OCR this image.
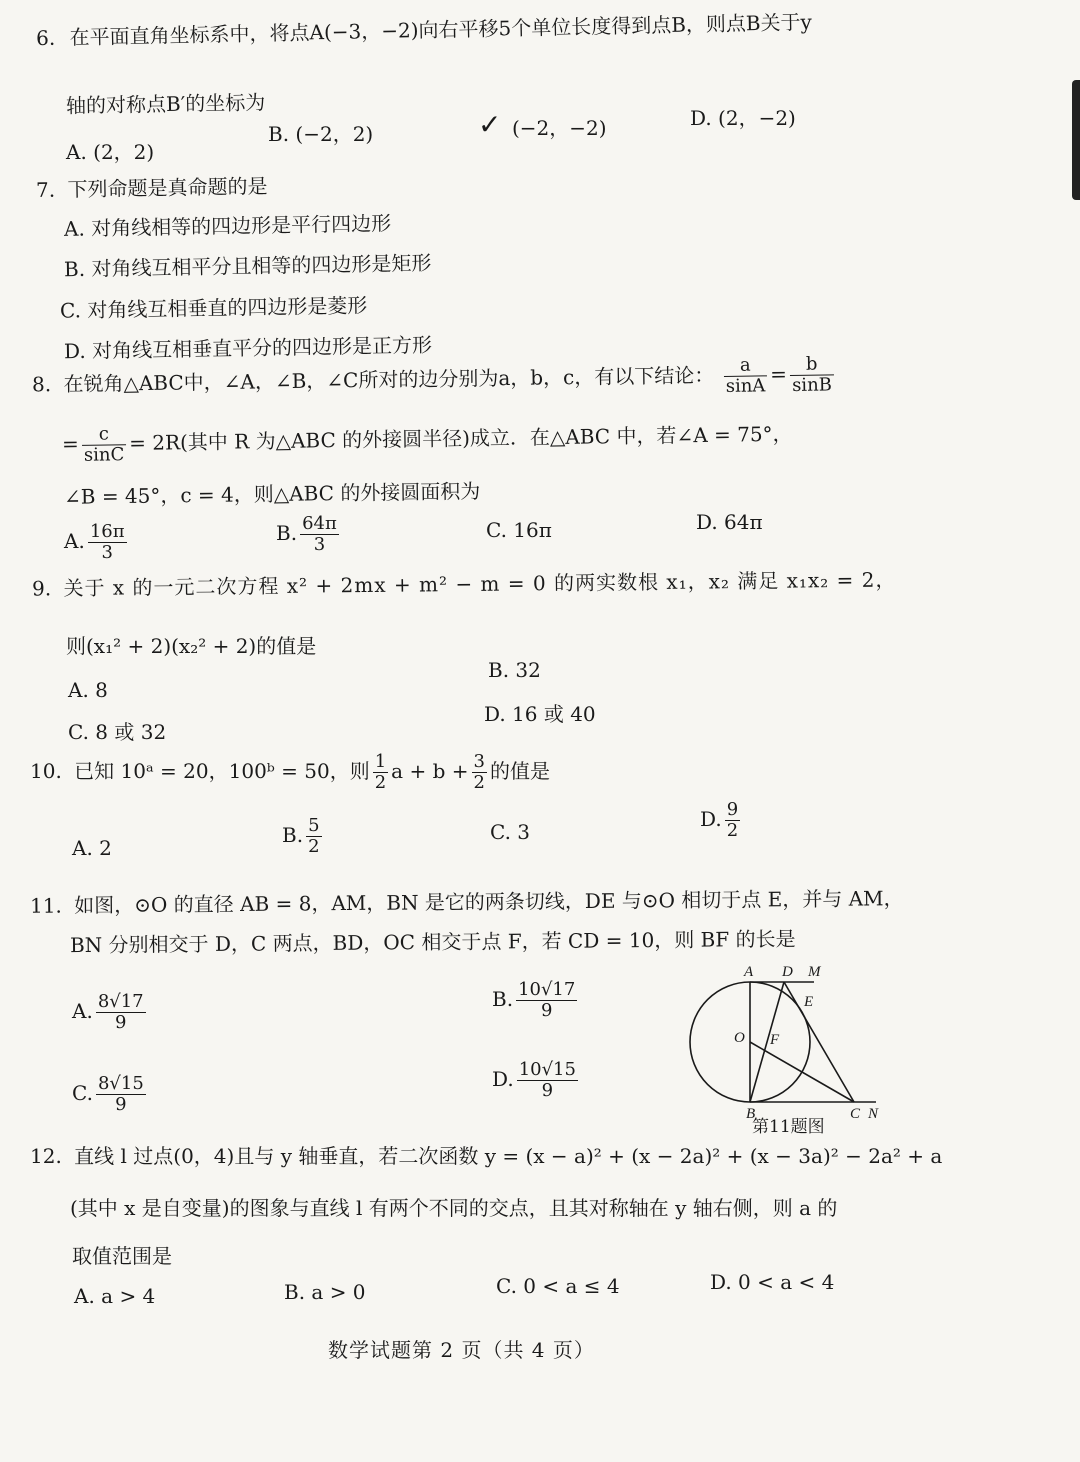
6. 在平面直角坐标系中，将点A(−3，−2)向右平移5个单位长度得到点B，则点B关于y
轴的对称点B′的坐标为
A. (2，2)
B. (−2，2)	✓ (−2，−2)	D. (2，−2)
7. 下列命题是真命题的是
A. 对角线相等的四边形是平行四边形
B. 对角线互相平分且相等的四边形是矩形
C. 对角线互相垂直的四边形是菱形
D. 对角线互相垂直平分的四边形是正方形
8. 在锐角△ABC中，∠A，∠B，∠C所对的边分别为a，b，c，有以下结论： $\frac{a}{\sin A} = \frac{b}{\sin B}$
= $\frac{c}{\sin C} = 2R$(其中 R 为△ABC 的外接圆半径)成立．在△ABC 中，若∠A = 75°，
∠B = 45°，c = 4，则△ABC 的外接圆面积为
A. $\frac{16\pi}{3}$	B. $\frac{64\pi}{3}$	C. 16π	D. 64π
9. 关于 x 的一元二次方程 x² + 2mx + m² − m = 0 的两实数根 x₁，x₂ 满足 x₁x₂ = 2，
则(x₁² + 2)(x₂² + 2)的值是
A. 8
B. 32
C. 8 或 32
D. 16 或 40
10. 已知 10ᵃ = 20，100ᵇ = 50，则 $\frac{1}{2}$ $a + b + \frac{3}{2}$ 的值是
A. 2
B. $\frac{5}{2}$	C. 3
D. $\frac{9}{2}$
11. 如图，⊙O 的直径 AB = 8，AM，BN 是它的两条切线，DE 与⊙O 相切于点 E，并与 AM，
BN 分别相交于 D，C 两点，BD，OC 相交于点 F，若 CD = 10，则 BF 的长是
A. $\frac{8√17}{9}$	B. $\frac{10√17}{9}$
C. $\frac{8√15}{9}$	D. $\frac{10√15}{9}$
A D M
E
O F
B	C N
第11题图
12. 直线 l 过点(0，4)且与 y 轴垂直，若二次函数 y = (x − a)² + (x − 2a)² + (x − 3a)² − 2a² + a
(其中 x 是自变量)的图象与直线 l 有两个不同的交点，且其对称轴在 y 轴右侧，则 a 的
取值范围是
A. a > 4	B. a > 0	C. 0 < a ≤ 4	D. 0 < a < 4
数学试题第 2 页（共 4 页）
